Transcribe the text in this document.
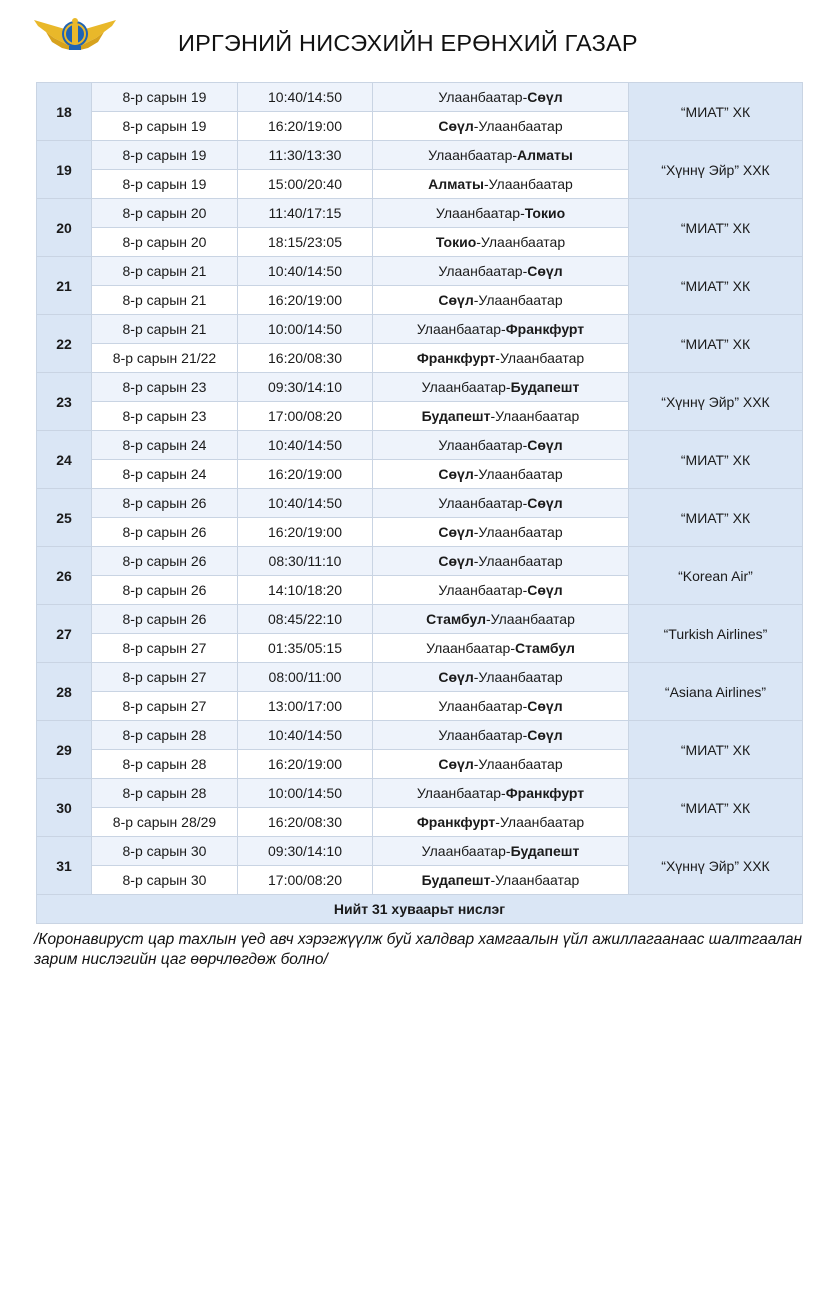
ИРГЭНИЙ НИСЭХИЙН ЕРӨНХИЙ ГАЗАР
18	8-р сарын 19	10:40/14:50	Улаанбаатар-Сөүл	“МИАТ” ХК
	8-р сарын 19	16:20/19:00	Сөүл-Улаанбаатар	
19	8-р сарын 19	11:30/13:30	Улаанбаатар-Алматы	“Хүннү Эйр” ХХК
	8-р сарын 19	15:00/20:40	Алматы-Улаанбаатар	
20	8-р сарын 20	11:40/17:15	Улаанбаатар-Токио	“МИАТ” ХК
	8-р сарын 20	18:15/23:05	Токио-Улаанбаатар	
21	8-р сарын 21	10:40/14:50	Улаанбаатар-Сөүл	“МИАТ” ХК
	8-р сарын 21	16:20/19:00	Сөүл-Улаанбаатар	
22	8-р сарын 21	10:00/14:50	Улаанбаатар-Франкфурт	“МИАТ” ХК
	8-р сарын 21/22	16:20/08:30	Франкфурт-Улаанбаатар	
23	8-р сарын 23	09:30/14:10	Улаанбаатар-Будапешт	“Хүннү Эйр” ХХК
	8-р сарын 23	17:00/08:20	Будапешт-Улаанбаатар	
24	8-р сарын 24	10:40/14:50	Улаанбаатар-Сөүл	“МИАТ” ХК
	8-р сарын 24	16:20/19:00	Сөүл-Улаанбаатар	
25	8-р сарын 26	10:40/14:50	Улаанбаатар-Сөүл	“МИАТ” ХК
	8-р сарын 26	16:20/19:00	Сөүл-Улаанбаатар	
26	8-р сарын 26	08:30/11:10	Сөүл-Улаанбаатар	“Korean Air”
	8-р сарын 26	14:10/18:20	Улаанбаатар-Сөүл	
27	8-р сарын 26	08:45/22:10	Стамбул-Улаанбаатар	“Turkish Airlines”
	8-р сарын 27	01:35/05:15	Улаанбаатар-Стамбул	
28	8-р сарын 27	08:00/11:00	Сөүл-Улаанбаатар	“Asiana Airlines”
	8-р сарын 27	13:00/17:00	Улаанбаатар-Сөүл	
29	8-р сарын 28	10:40/14:50	Улаанбаатар-Сөүл	“МИАТ” ХК
	8-р сарын 28	16:20/19:00	Сөүл-Улаанбаатар	
30	8-р сарын 28	10:00/14:50	Улаанбаатар-Франкфурт	“МИАТ” ХК
	8-р сарын 28/29	16:20/08:30	Франкфурт-Улаанбаатар	
31	8-р сарын 30	09:30/14:10	Улаанбаатар-Будапешт	“Хүннү Эйр” ХХК
	8-р сарын 30	17:00/08:20	Будапешт-Улаанбаатар	
Нийт 31 хуваарьт нислэг				
/Коронавируст цар тахлын үед авч хэрэгжүүлж буй халдвар хамгаалын үйл ажиллагаанаас шалтгаалан зарим нислэгийн цаг өөрчлөгдөж болно/
